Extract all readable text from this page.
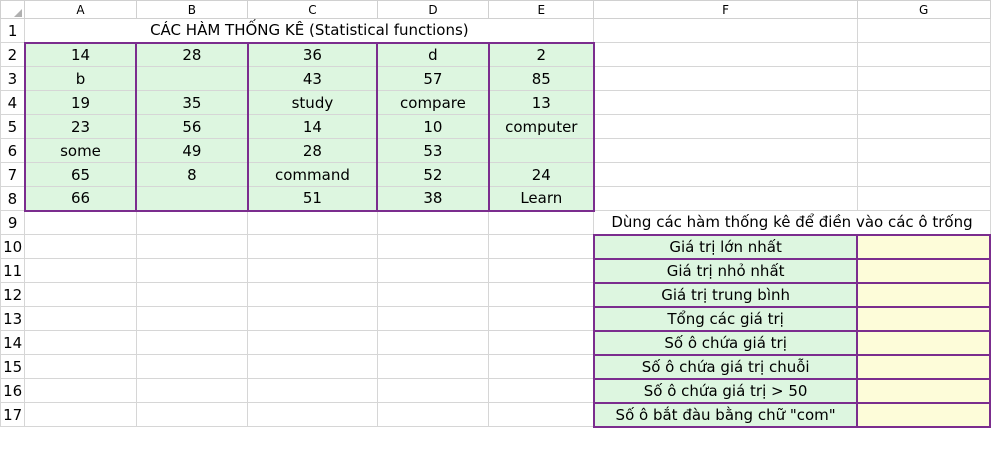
	A	B	C	D	E	F	G
1	CÁC HÀM THỐNG KÊ (Statistical functions)						
2	14	28	36	d	2		
3	b		43	57	85		
4	19	35	study	compare	13		
5	23	56	14	10	computer		
6	some	49	28	53			
7	65	8	command	52	24		
8	66		51	38	Learn		
9						Dùng các hàm thống kê để điền vào các ô trống	
10						Giá trị lớn nhất	
11						Giá trị nhỏ nhất	
12						Giá trị trung bình	
13						Tổng các giá trị	
14						Số ô chứa giá trị	
15						Số ô chứa giá trị chuỗi	
16						Số ô chứa giá trị > 50	
17						Số ô bắt đàu bằng chữ "com"	
